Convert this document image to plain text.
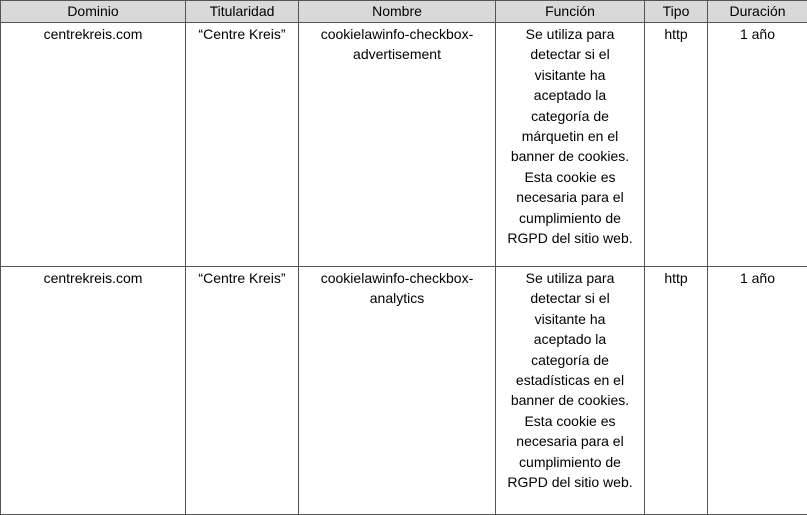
Dominio	Titularidad	Nombre	Función	Tipo	Duración
centrekreis.com	“Centre Kreis”	cookielawinfo-checkbox-advertisement	Se utiliza para detectar si el visitante ha aceptado la categoría de márquetin en el banner de cookies. Esta cookie es necesaria para el cumplimiento de RGPD del sitio web.	http	1 año
centrekreis.com	“Centre Kreis”	cookielawinfo-checkbox-analytics	Se utiliza para detectar si el visitante ha aceptado la categoría de estadísticas en el banner de cookies. Esta cookie es necesaria para el cumplimiento de RGPD del sitio web.	http	1 año
